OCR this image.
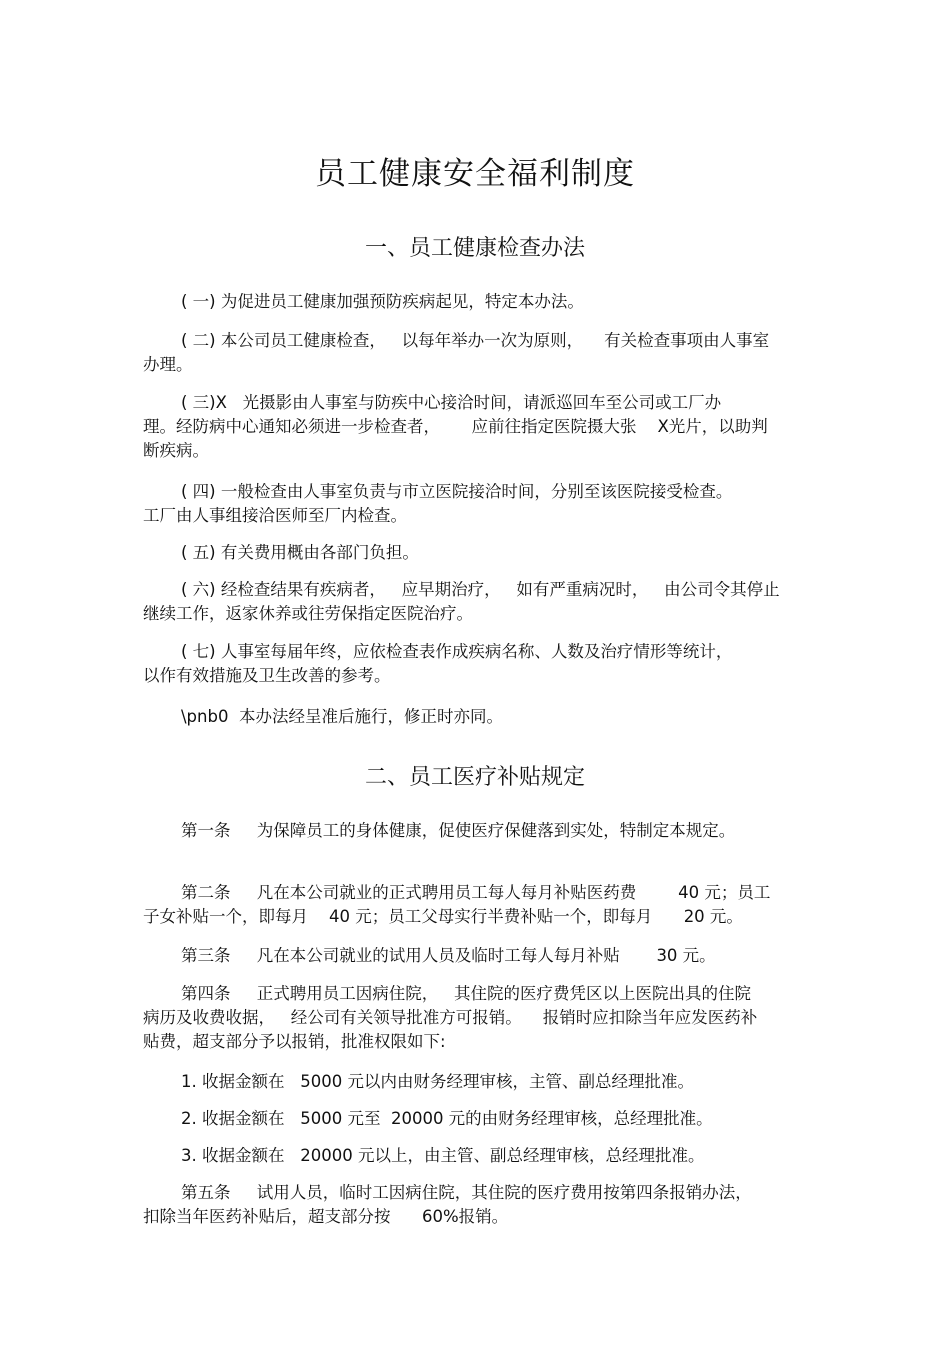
员工健康安全福利制度
一、员工健康检查办法
( 一) 为促进员工健康加强预防疾病起见，特定本办法。
( 二) 本公司员工健康检查，   以每年举办一次为原则，    有关检查事项由人事室
办理。
( 三)X   光摄影由人事室与防疾中心接洽时间，请派巡回车至公司或工厂办
理。经防病中心通知必须进一步检查者，      应前往指定医院摄大张    X光片，以助判
断疾病。
( 四) 一般检查由人事室负责与市立医院接洽时间，分别至该医院接受检查。
工厂由人事组接洽医师至厂内检查。
( 五) 有关费用概由各部门负担。
( 六) 经检查结果有疾病者，   应早期治疗，   如有严重病况时，   由公司令其停止
继续工作，返家休养或往劳保指定医院治疗。
( 七) 人事室每届年终，应依检查表作成疾病名称、人数及治疗情形等统计，
以作有效措施及卫生改善的参考。
\pnb0  本办法经呈准后施行，修正时亦同。
二、员工医疗补贴规定
第一条     为保障员工的身体健康，促使医疗保健落到实处，特制定本规定。
第二条     凡在本公司就业的正式聘用员工每人每月补贴医药费        40 元；员工
子女补贴一个，即每月    40 元；员工父母实行半费补贴一个，即每月      20 元。
第三条     凡在本公司就业的试用人员及临时工每人每月补贴       30 元。
第四条     正式聘用员工因病住院，   其住院的医疗费凭区以上医院出具的住院
病历及收费收据，   经公司有关领导批准方可报销。    报销时应扣除当年应发医药补
贴费，超支部分予以报销，批准权限如下:
1. 收据金额在   5000 元以内由财务经理审核，主管、副总经理批准。
2. 收据金额在   5000 元至  20000 元的由财务经理审核，总经理批准。
3. 收据金额在   20000 元以上，由主管、副总经理审核，总经理批准。
第五条     试用人员，临时工因病住院，其住院的医疗费用按第四条报销办法，
扣除当年医药补贴后，超支部分按      60%报销。
